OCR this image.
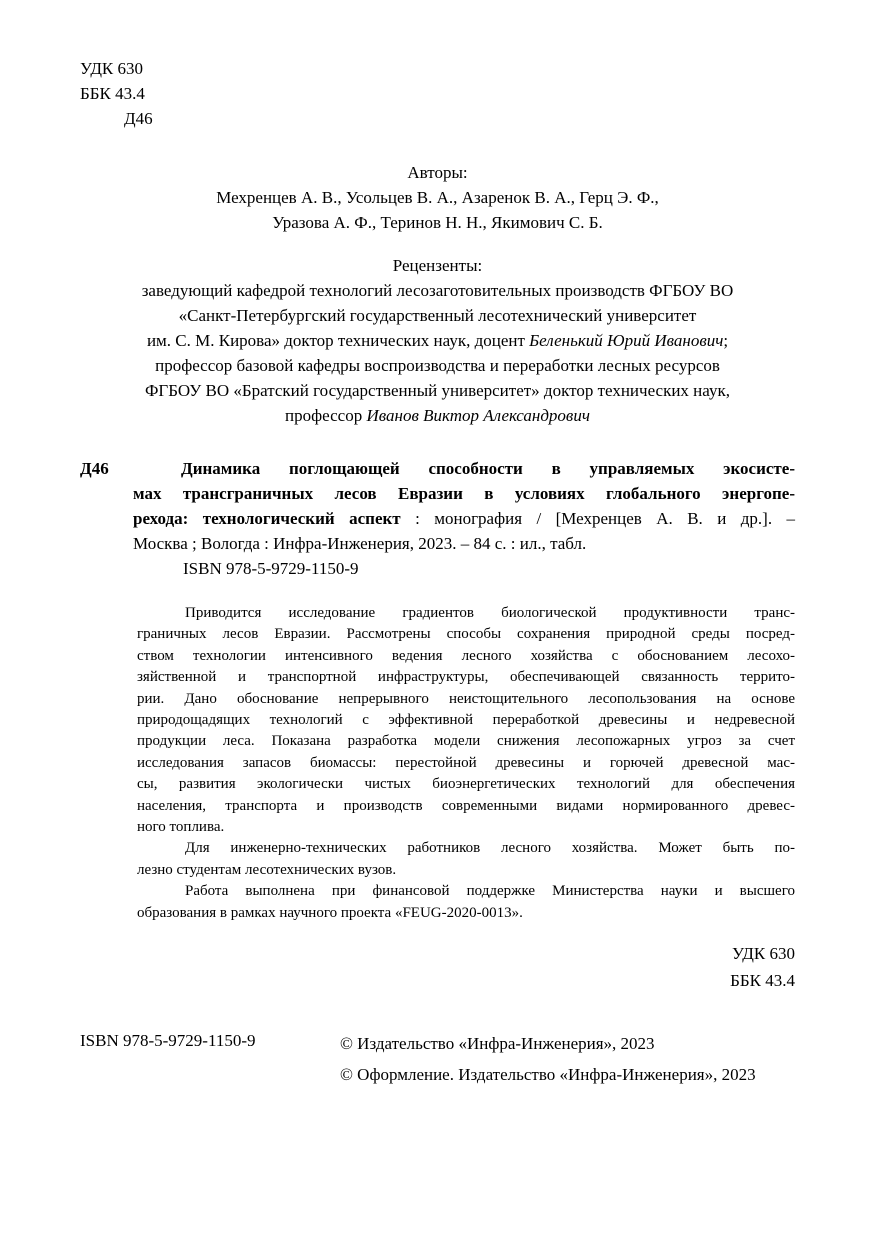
УДК 630
ББК 43.4
Д46
Авторы:
Мехренцев А. В., Усольцев В. А., Азаренок В. А., Герц Э. Ф.,
Уразова А. Ф., Теринов Н. Н., Якимович С. Б.
Рецензенты:
заведующий кафедрой технологий лесозаготовительных производств ФГБОУ ВО
«Санкт-Петербургский государственный лесотехнический университет
им. С. М. Кирова» доктор технических наук, доцент Беленький Юрий Иванович;
профессор базовой кафедры воспроизводства и переработки лесных ресурсов
ФГБОУ ВО «Братский государственный университет» доктор технических наук,
профессор Иванов Виктор Александрович
Д46	Динамика поглощающей способности в управляемых экосисте-
мах трансграничных лесов Евразии в условиях глобального энергопе-
рехода: технологический аспект : монография / [Мехренцев А. В. и др.]. –
Москва ; Вологда : Инфра-Инженерия, 2023. – 84 с. : ил., табл.
ISBN 978-5-9729-1150-9
Приводится исследование градиентов биологической продуктивности транс-
граничных лесов Евразии. Рассмотрены способы сохранения природной среды посред-
ством технологии интенсивного ведения лесного хозяйства с обоснованием лесохо-
зяйственной и транспортной инфраструктуры, обеспечивающей связанность террито-
рии. Дано обоснование непрерывного неистощительного лесопользования на основе
природощадящих технологий с эффективной переработкой древесины и недревесной
продукции леса. Показана разработка модели снижения лесопожарных угроз за счет
исследования запасов биомассы: перестойной древесины и горючей древесной мас-
сы, развития экологически чистых биоэнергетических технологий для обеспечения
населения, транспорта и производств современными видами нормированного древес-
ного топлива.
Для инженерно-технических работников лесного хозяйства. Может быть по-
лезно студентам лесотехнических вузов.
Работа выполнена при финансовой поддержке Министерства науки и высшего
образования в рамках научного проекта «FEUG-2020-0013».
УДК 630
ББК 43.4
ISBN 978-5-9729-1150-9	© Издательство «Инфра-Инженерия», 2023
© Оформление. Издательство «Инфра-Инженерия», 2023
